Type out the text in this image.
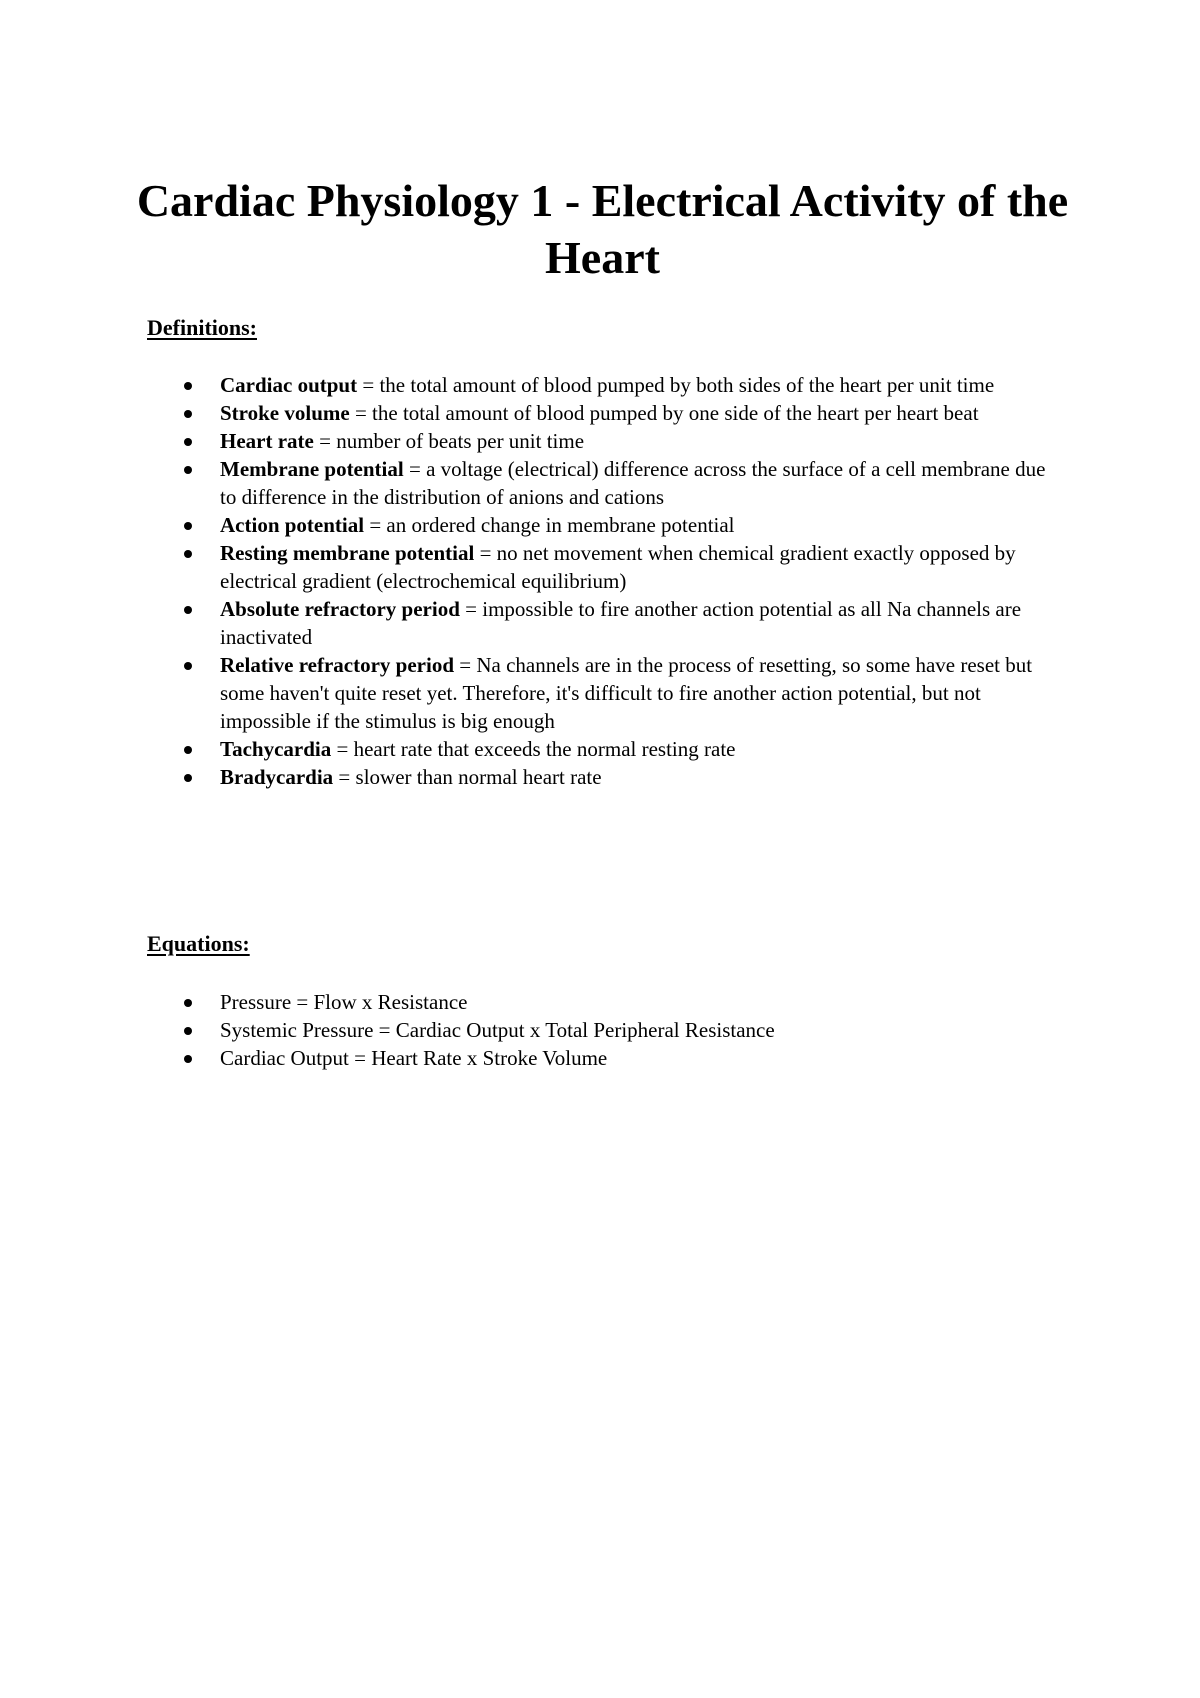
Cardiac Physiology 1 - Electrical Activity of the Heart
Definitions:
Cardiac output = the total amount of blood pumped by both sides of the heart per unit time
Stroke volume = the total amount of blood pumped by one side of the heart per heart beat
Heart rate = number of beats per unit time
Membrane potential = a voltage (electrical) difference across the surface of a cell membrane due to difference in the distribution of anions and cations
Action potential = an ordered change in membrane potential
Resting membrane potential = no net movement when chemical gradient exactly opposed by electrical gradient (electrochemical equilibrium)
Absolute refractory period = impossible to fire another action potential as all Na channels are inactivated
Relative refractory period = Na channels are in the process of resetting, so some have reset but some haven't quite reset yet. Therefore, it's difficult to fire another action potential, but not impossible if the stimulus is big enough
Tachycardia = heart rate that exceeds the normal resting rate
Bradycardia = slower than normal heart rate
Equations:
Pressure = Flow x Resistance
Systemic Pressure = Cardiac Output x Total Peripheral Resistance
Cardiac Output = Heart Rate x Stroke Volume
